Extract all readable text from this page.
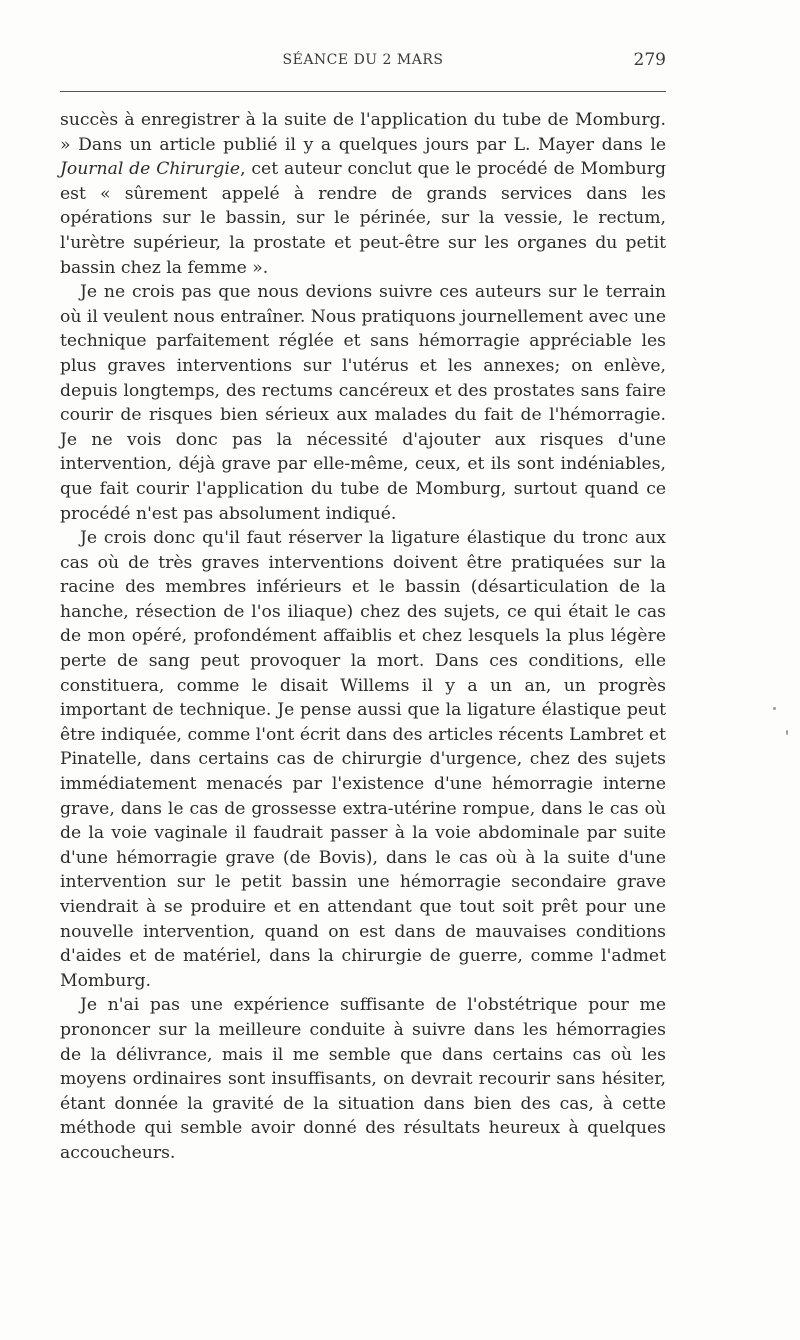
SÉANCE DU 2 MARS	279

succès à enregistrer à la suite de l'application du tube de Momburg. » Dans un article publié il y a quelques jours par L. Mayer dans le Journal de Chirurgie, cet auteur conclut que le procédé de Momburg est « sûrement appelé à rendre de grands services dans les opérations sur le bassin, sur le périnée, sur la vessie, le rectum, l'urètre supérieur, la prostate et peut-être sur les organes du petit bassin chez la femme ».

Je ne crois pas que nous devions suivre ces auteurs sur le terrain où il veulent nous entraîner. Nous pratiquons journellement avec une technique parfaitement réglée et sans hémorragie appréciable les plus graves interventions sur l'utérus et les annexes; on enlève, depuis longtemps, des rectums cancéreux et des prostates sans faire courir de risques bien sérieux aux malades du fait de l'hémorragie. Je ne vois donc pas la nécessité d'ajouter aux risques d'une intervention, déjà grave par elle-même, ceux, et ils sont indéniables, que fait courir l'application du tube de Momburg, surtout quand ce procédé n'est pas absolument indiqué.

Je crois donc qu'il faut réserver la ligature élastique du tronc aux cas où de très graves interventions doivent être pratiquées sur la racine des membres inférieurs et le bassin (désarticulation de la hanche, résection de l'os iliaque) chez des sujets, ce qui était le cas de mon opéré, profondément affaiblis et chez lesquels la plus légère perte de sang peut provoquer la mort. Dans ces conditions, elle constituera, comme le disait Willems il y a un an, un progrès important de technique. Je pense aussi que la ligature élastique peut être indiquée, comme l'ont écrit dans des articles récents Lambret et Pinatelle, dans certains cas de chirurgie d'urgence, chez des sujets immédiatement menacés par l'existence d'une hémorragie interne grave, dans le cas de grossesse extra-utérine rompue, dans le cas où de la voie vaginale il faudrait passer à la voie abdominale par suite d'une hémorragie grave (de Bovis), dans le cas où à la suite d'une intervention sur le petit bassin une hémorragie secondaire grave viendrait à se produire et en attendant que tout soit prêt pour une nouvelle intervention, quand on est dans de mauvaises conditions d'aides et de matériel, dans la chirurgie de guerre, comme l'admet Momburg.

Je n'ai pas une expérience suffisante de l'obstétrique pour me prononcer sur la meilleure conduite à suivre dans les hémorragies de la délivrance, mais il me semble que dans certains cas où les moyens ordinaires sont insuffisants, on devrait recourir sans hésiter, étant donnée la gravité de la situation dans bien des cas, à cette méthode qui semble avoir donné des résultats heureux à quelques accoucheurs.
